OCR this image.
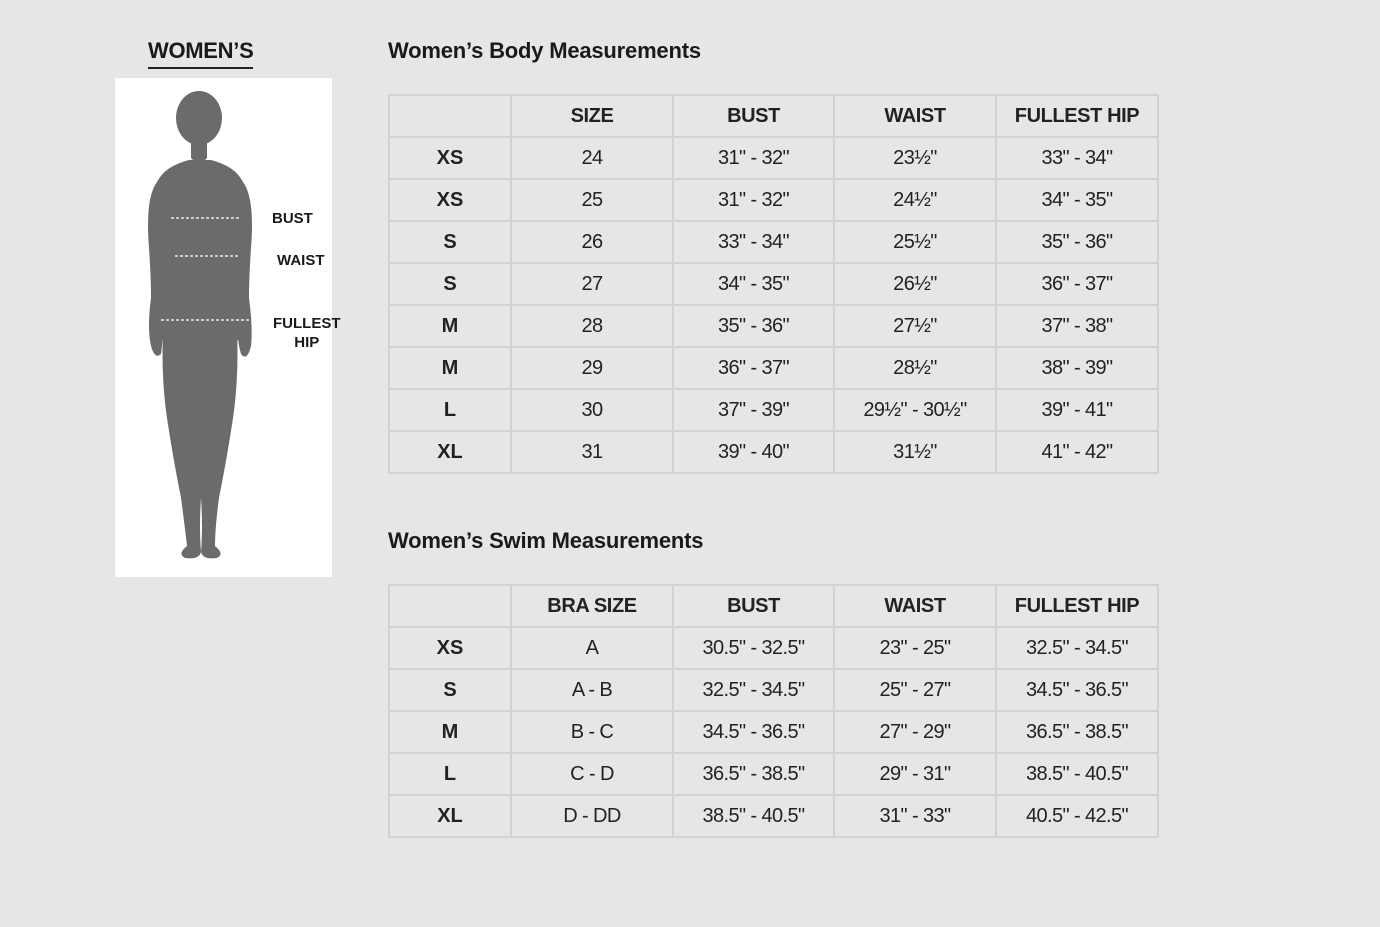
WOMEN’S
BUST
WAIST
FULLEST
HIP
Women’s Body Measurements
	SIZE	BUST	WAIST	FULLEST HIP
XS	24	31" - 32"	23½"	33" - 34"
XS	25	31" - 32"	24½"	34" - 35"
S	26	33" - 34"	25½"	35" - 36"
S	27	34" - 35"	26½"	36" - 37"
M	28	35" - 36"	27½"	37" - 38"
M	29	36" - 37"	28½"	38" - 39"
L	30	37" - 39"	29½" - 30½"	39" - 41"
XL	31	39" - 40"	31½"	41" - 42"
Women’s Swim Measurements
	BRA SIZE	BUST	WAIST	FULLEST HIP
XS	A	30.5" - 32.5"	23" - 25"	32.5" - 34.5"
S	A - B	32.5" - 34.5"	25" - 27"	34.5" - 36.5"
M	B - C	34.5" - 36.5"	27" - 29"	36.5" - 38.5"
L	C - D	36.5" - 38.5"	29" - 31"	38.5" - 40.5"
XL	D - DD	38.5" - 40.5"	31" - 33"	40.5" - 42.5"
